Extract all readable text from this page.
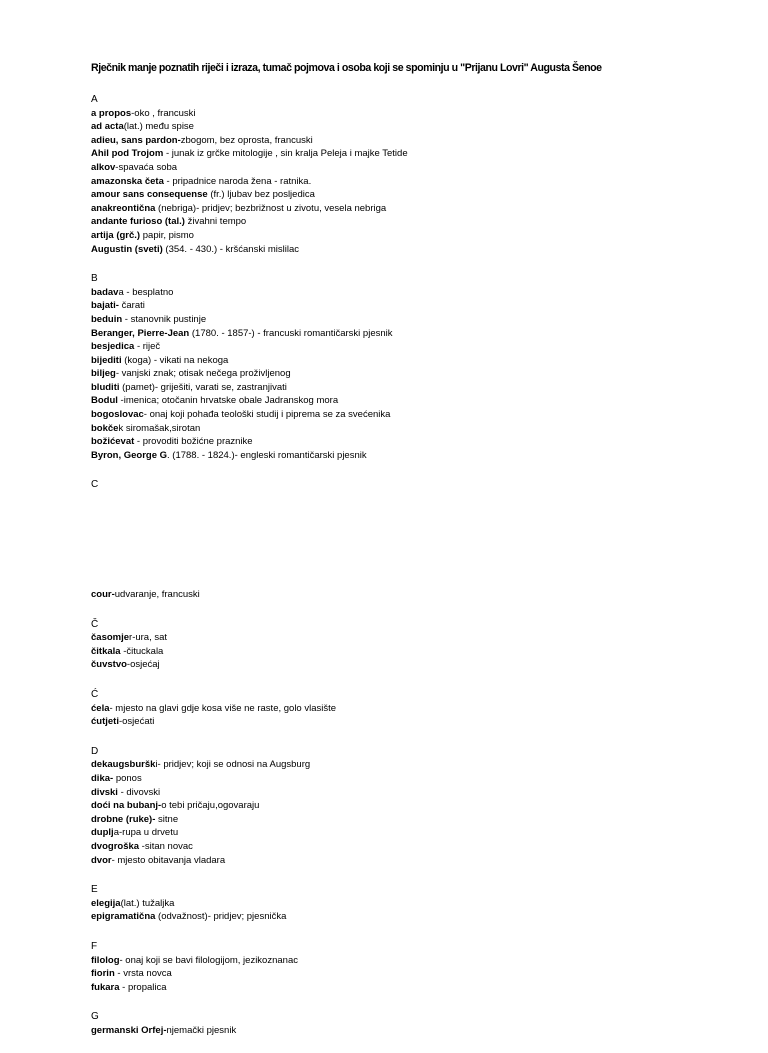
Rječnik manje poznatih riječi i izraza, tumač pojmova i osoba koji se spominju u "Prijanu Lovri" Augusta Šenoe
A
a propos-oko , francuski
ad acta(lat.) među spise
adieu, sans pardon-zbogom, bez oprosta, francuski
Ahil pod Trojom - junak iz grčke mitologije , sin kralja Peleja i majke Tetide
alkov-spavaća soba
amazonska četa - pripadnice naroda žena - ratnika.
amour sans consequense (fr.) ljubav bez posljedica
anakreontična (nebriga)- pridjev; bezbrižnost u zivotu, vesela nebriga
andante furioso (tal.) živahni tempo
artija (grč.) papir, pismo
Augustin (sveti) (354. - 430.) - kršćanski mislilac
B
badava - besplatno
bajati- čarati
beduin - stanovnik pustinje
Beranger, Pierre-Jean (1780. - 1857-) - francuski romantičarski pjesnik
besjedica - riječ
bijediti (koga) - vikati na nekoga
biljeg- vanjski znak; otisak nečega proživljenog
bluditi (pamet)- griješiti, varati se, zastranjivati
Bodul -imenica; otočanin hrvatske obale Jadranskog mora
bogoslovac- onaj koji pohađa teološki studij i piprema se za svećenika
bokček siromašak,sirotan
božićevat - provoditi božićne praznike
Byron, George G. (1788. - 1824.)- engleski romantičarski pjesnik
C
cour-udvaranje, francuski
Č
časomjer-ura, sat
čitkala -čituckala
čuvstvo-osjećaj
Ć
ćela- mjesto na glavi gdje kosa više ne raste, golo vlasište
ćutjeti-osjećati
D
dekaugsburški- pridjev; koji se odnosi na Augsburg
dika- ponos
divski - divovski
doći na bubanj-o tebi pričaju,ogovaraju
drobne (ruke)- sitne
duplja-rupa u drvetu
dvogroška -sitan novac
dvor- mjesto obitavanja vladara
E
elegija(lat.) tužaljka
epigramatična (odvažnost)- pridjev; pjesnička
F
filolog- onaj koji se bavi filologijom, jezikoznanac
fiorin - vrsta novca
fukara - propalica
G
germanski Orfej-njemački pjesnik
